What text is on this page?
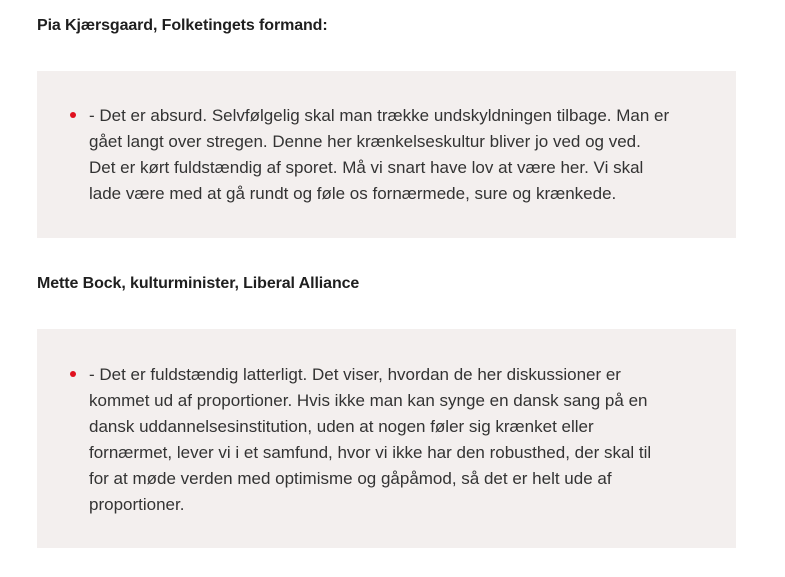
Pia Kjærsgaard, Folketingets formand:
- Det er absurd. Selvfølgelig skal man trække undskyldningen tilbage. Man er
gået langt over stregen. Denne her krænkelseskultur bliver jo ved og ved.
Det er kørt fuldstændig af sporet. Må vi snart have lov at være her. Vi skal
lade være med at gå rundt og føle os fornærmede, sure og krænkede.
Mette Bock, kulturminister, Liberal Alliance
- Det er fuldstændig latterligt. Det viser, hvordan de her diskussioner er
kommet ud af proportioner. Hvis ikke man kan synge en dansk sang på en
dansk uddannelsesinstitution, uden at nogen føler sig krænket eller
fornærmet, lever vi i et samfund, hvor vi ikke har den robusthed, der skal til
for at møde verden med optimisme og gåpåmod, så det er helt ude af
proportioner.
